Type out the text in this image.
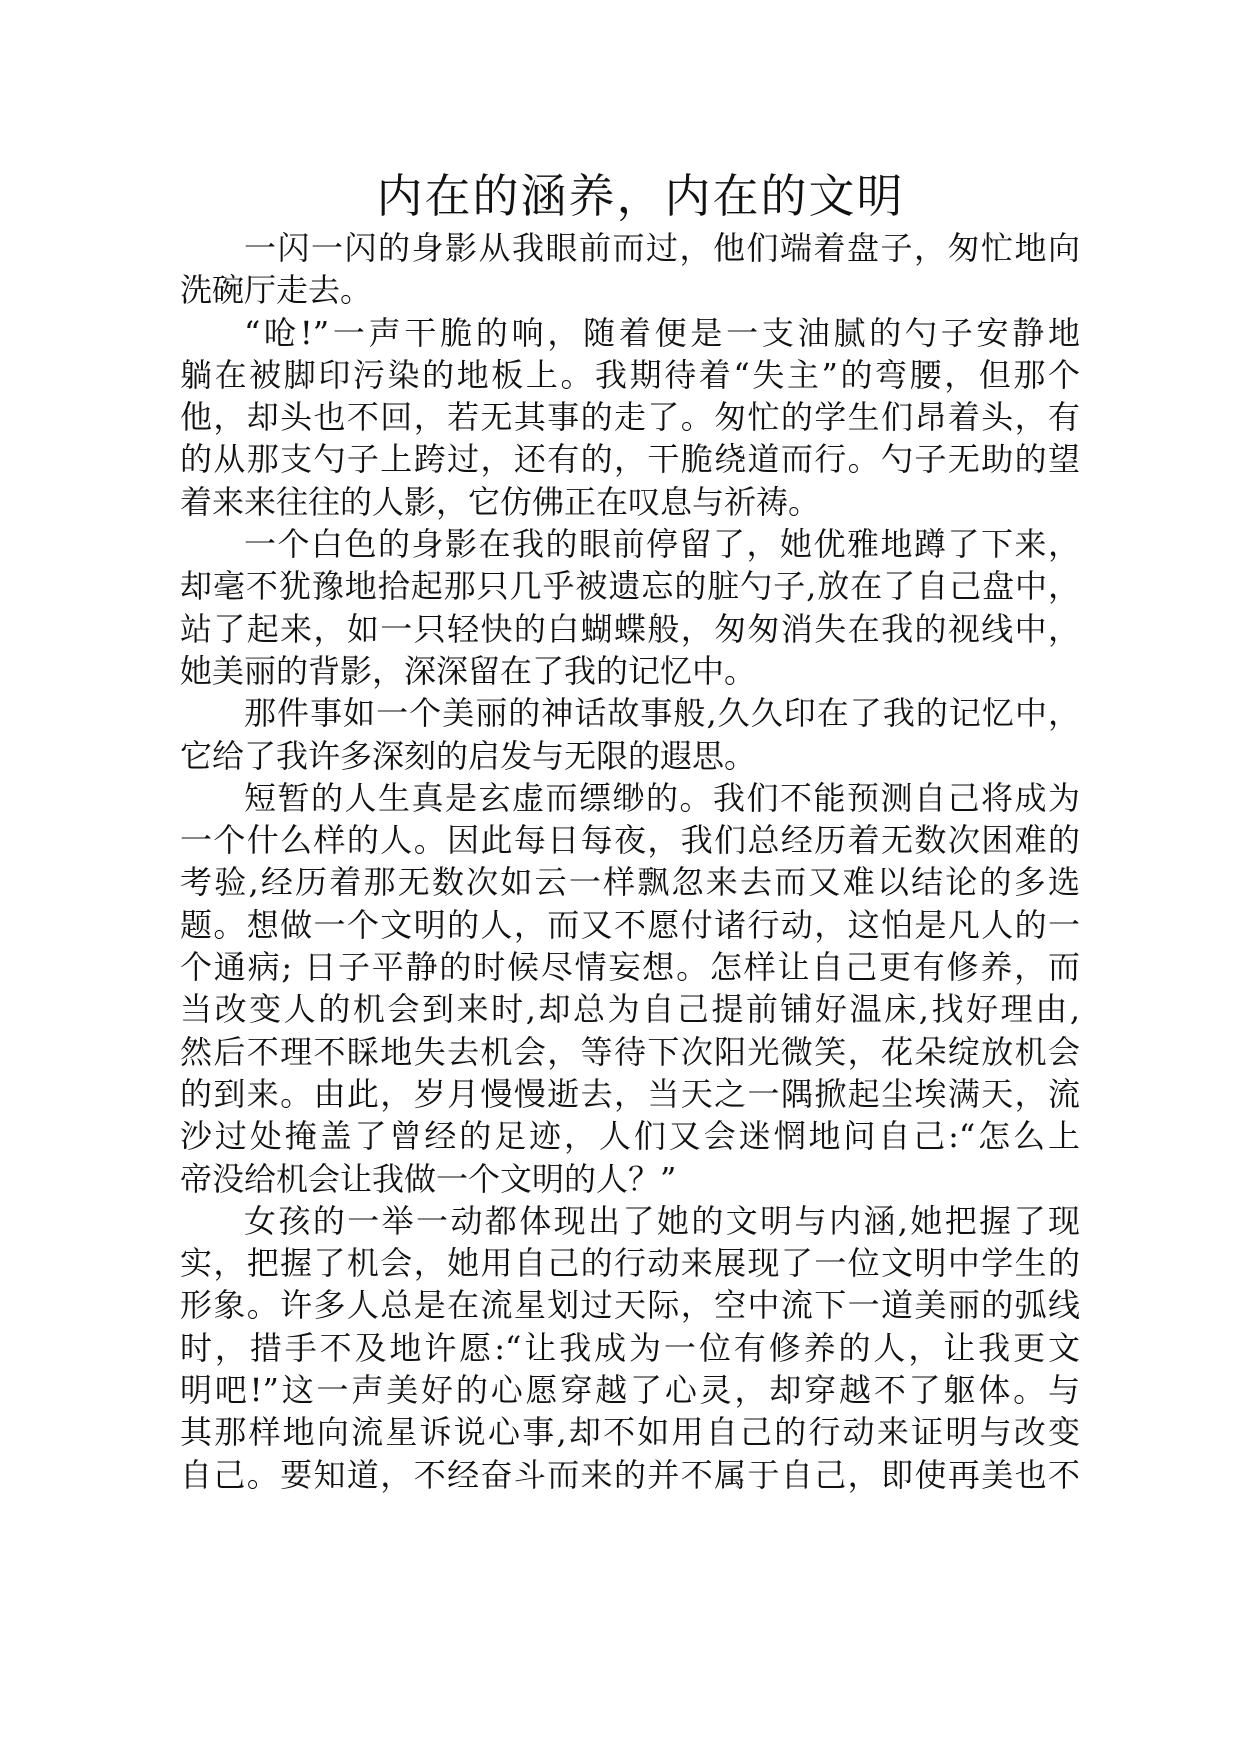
内在的涵养，内在的文明
一闪一闪的身影从我眼前而过，他们端着盘子，匆忙地向
洗碗厅走去。
“呛!”一声干脆的响，随着便是一支油腻的勺子安静地
躺在被脚印污染的地板上。我期待着“失主”的弯腰，但那个
他，却头也不回，若无其事的走了。匆忙的学生们昂着头，有
的从那支勺子上跨过，还有的，干脆绕道而行。勺子无助的望
着来来往往的人影，它仿佛正在叹息与祈祷。
一个白色的身影在我的眼前停留了，她优雅地蹲了下来，
却毫不犹豫地拾起那只几乎被遗忘的脏勺子,放在了自己盘中，
站了起来，如一只轻快的白蝴蝶般，匆匆消失在我的视线中，
她美丽的背影，深深留在了我的记忆中。
那件事如一个美丽的神话故事般,久久印在了我的记忆中，
它给了我许多深刻的启发与无限的遐思。
短暂的人生真是玄虚而缥缈的。我们不能预测自己将成为
一个什么样的人。因此每日每夜，我们总经历着无数次困难的
考验,经历着那无数次如云一样飘忽来去而又难以结论的多选
题。想做一个文明的人，而又不愿付诸行动，这怕是凡人的一
个通病; 日子平静的时候尽情妄想。怎样让自己更有修养，而
当改变人的机会到来时,却总为自己提前铺好温床,找好理由,
然后不理不睬地失去机会，等待下次阳光微笑，花朵绽放机会
的到来。由此，岁月慢慢逝去，当天之一隅掀起尘埃满天，流
沙过处掩盖了曾经的足迹，人们又会迷惘地问自己:“怎么上
帝没给机会让我做一个文明的人？”
女孩的一举一动都体现出了她的文明与内涵,她把握了现
实，把握了机会，她用自己的行动来展现了一位文明中学生的
形象。许多人总是在流星划过天际，空中流下一道美丽的弧线
时，措手不及地许愿:“让我成为一位有修养的人，让我更文
明吧!”这一声美好的心愿穿越了心灵，却穿越不了躯体。与
其那样地向流星诉说心事,却不如用自己的行动来证明与改变
自己。要知道，不经奋斗而来的并不属于自己，即使再美也不
